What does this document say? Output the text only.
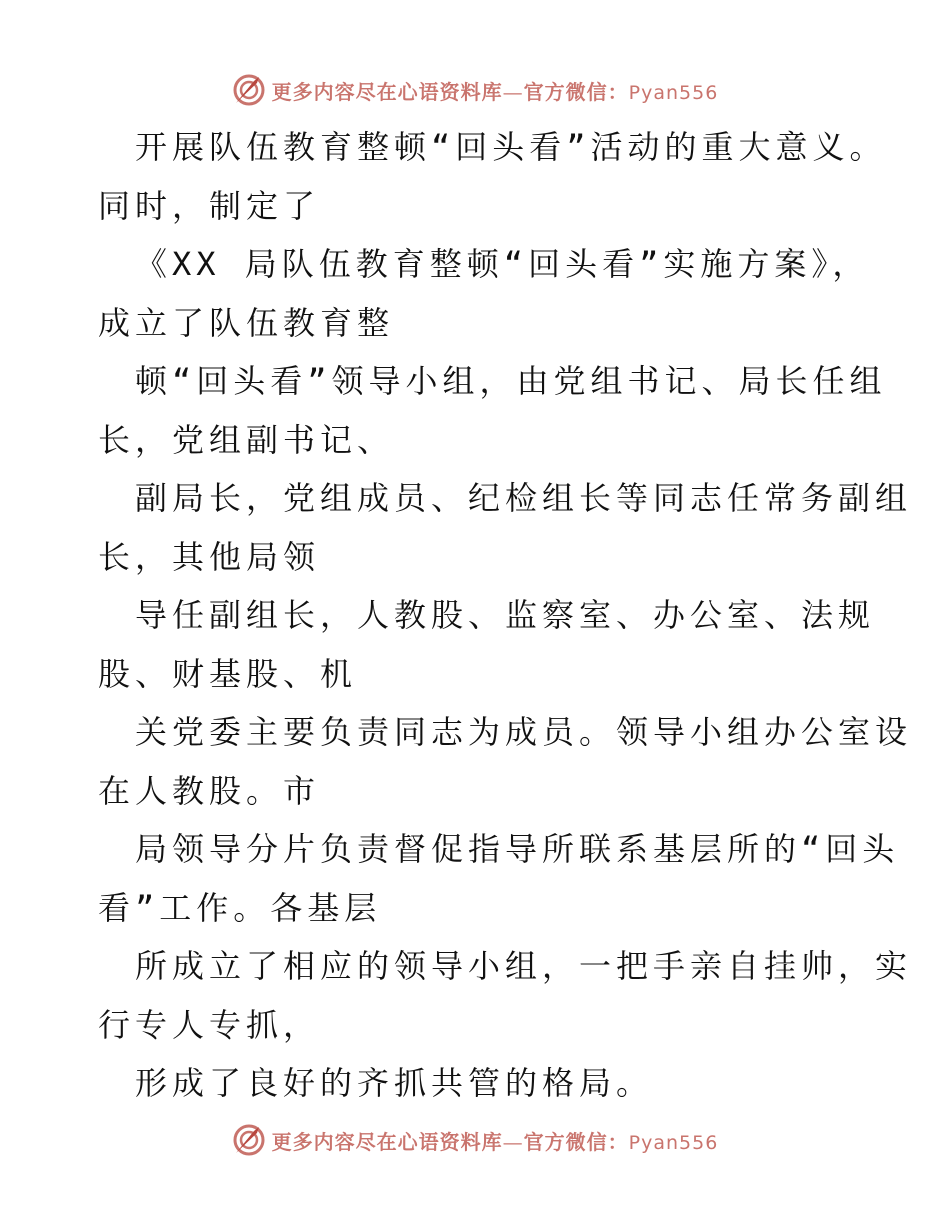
更多内容尽在心语资料库—官方微信：Pyan556
开展队伍教育整顿“回头看”活动的重大意义。
同时，制定了
《XX 局队伍教育整顿“回头看”实施方案》，
成立了队伍教育整
顿“回头看”领导小组，由党组书记、局长任组
长，党组副书记、
副局长，党组成员、纪检组长等同志任常务副组
长，其他局领
导任副组长，人教股、监察室、办公室、法规
股、财基股、机
关党委主要负责同志为成员。领导小组办公室设
在人教股。市
局领导分片负责督促指导所联系基层所的“回头
看”工作。各基层
所成立了相应的领导小组，一把手亲自挂帅，实
行专人专抓，
形成了良好的齐抓共管的格局。
更多内容尽在心语资料库—官方微信：Pyan556
